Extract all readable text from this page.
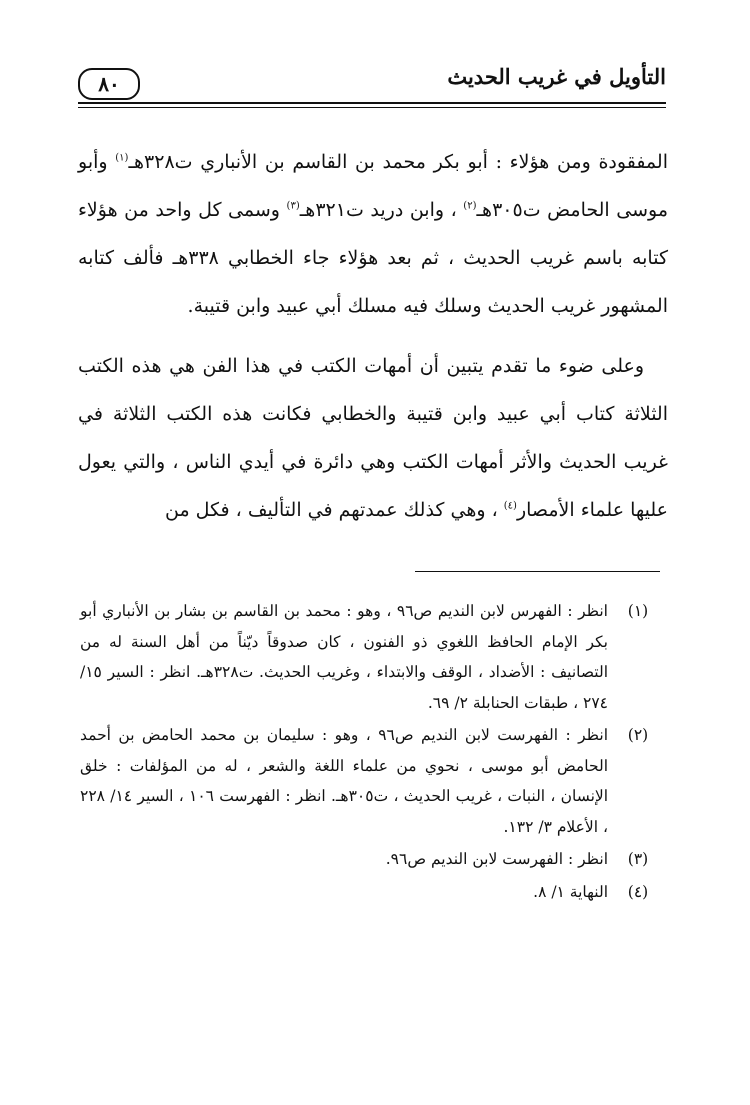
التأويل في غريب الحديث
٨٠

المفقودة ومن هؤلاء : أبو بكر محمد بن القاسم بن الأنباري ت٣٢٨هـ$^{(١)}$ وأبو موسى الحامض ت٣٠٥هـ$^{(٢)}$ ، وابن دريد ت٣٢١هـ$^{(٣)}$ وسمى كل واحد من هؤلاء كتابه باسم غريب الحديث ، ثم بعد هؤلاء جاء الخطابي ٣٣٨هـ فألف كتابه المشهور غريب الحديث وسلك فيه مسلك أبي عبيد وابن قتيبة.

وعلى ضوء ما تقدم يتبين أن أمهات الكتب في هذا الفن هي هذه الكتب الثلاثة كتاب أبي عبيد وابن قتيبة والخطابي فكانت هذه الكتب الثلاثة في غريب الحديث والأثر أمهات الكتب وهي دائرة في أيدي الناس ، والتي يعول عليها علماء الأمصار$^{(٤)}$ ، وهي كذلك عمدتهم في التأليف ، فكل من

(١)
انظر : الفهرس لابن النديم ص٩٦ ، وهو : محمد بن القاسم بن بشار بن الأنباري أبو بكر الإمام الحافظ اللغوي ذو الفنون ، كان صدوقاً ديّناً من أهل السنة له من التصانيف : الأضداد ، الوقف والابتداء ، وغريب الحديث. ت٣٢٨هـ. انظر : السير ١٥/ ٢٧٤ ، طبقات الحنابلة ٢/ ٦٩.
(٢)
انظر : الفهرست لابن النديم ص٩٦ ، وهو : سليمان بن محمد الحامض بن أحمد الحامض أبو موسى ، نحوي من علماء اللغة والشعر ، له من المؤلفات : خلق الإنسان ، النبات ، غريب الحديث ، ت٣٠٥هـ. انظر : الفهرست ١٠٦ ، السير ١٤/ ٢٢٨ ، الأعلام ٣/ ١٣٢.
(٣)
انظر : الفهرست لابن النديم ص٩٦.
(٤)
النهاية ١/ ٨.
